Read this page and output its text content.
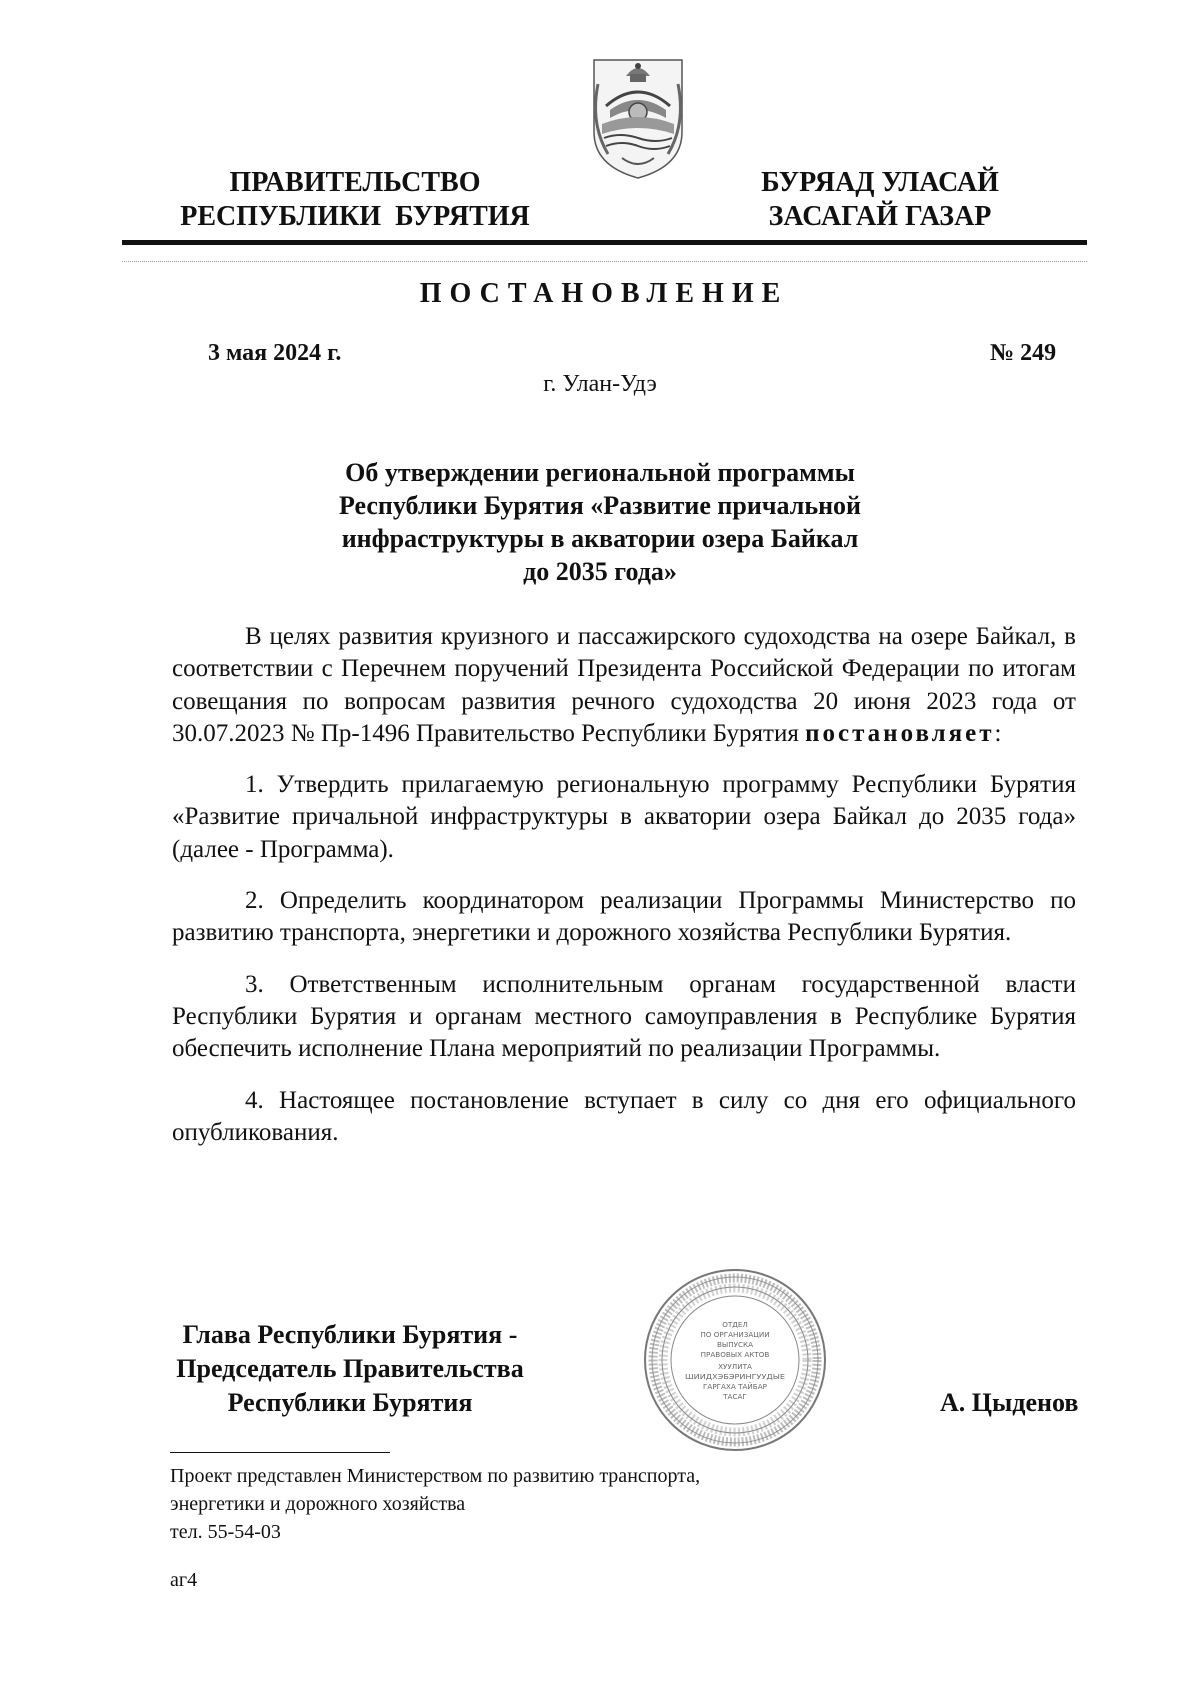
ПРАВИТЕЛЬСТВО
РЕСПУБЛИКИ  БУРЯТИЯ
БУРЯАД УЛАСАЙ
ЗАСАГАЙ ГАЗАР
ПОСТАНОВЛЕНИЕ
3 мая 2024 г.	№ 249
г. Улан-Удэ
Об утверждении региональной программы
Республики Бурятия «Развитие причальной
инфраструктуры в акватории озера Байкал
до 2035 года»

В целях развития круизного и пассажирского судоходства на озере Байкал, в соответствии с Перечнем поручений Президента Российской Федерации по итогам совещания по вопросам развития речного судоходства 20 июня 2023 года от 30.07.2023 № Пр-1496 Правительство Республики Бурятия постановляет:

1. Утвердить прилагаемую региональную программу Республики Бурятия «Развитие причальной инфраструктуры в акватории озера Байкал до 2035 года» (далее - Программа).

2. Определить координатором реализации Программы Министерство по развитию транспорта, энергетики и дорожного хозяйства Республики Бурятия.

3. Ответственным исполнительным органам государственной власти Республики Бурятия и органам местного самоуправления в Республике Бурятия обеспечить исполнение Плана мероприятий по реализации Программы.

4. Настоящее постановление вступает в силу со дня его официального опубликования.

Глава Республики Бурятия -
Председатель Правительства
Республики Бурятия
ОТДЕЛ
ПО ОРГАНИЗАЦИИ
ВЫПУСКА
ПРАВОВЫХ АКТОВ
ХУУЛИТА
ШИИДХЭБЭРИНГУУДЫЕ
ГАРГАХА ТАЙБАР
ТАСАГ	А. Цыденов
Проект представлен Министерством по развитию транспорта,
энергетики и дорожного хозяйства
тел. 55-54-03
аг4
